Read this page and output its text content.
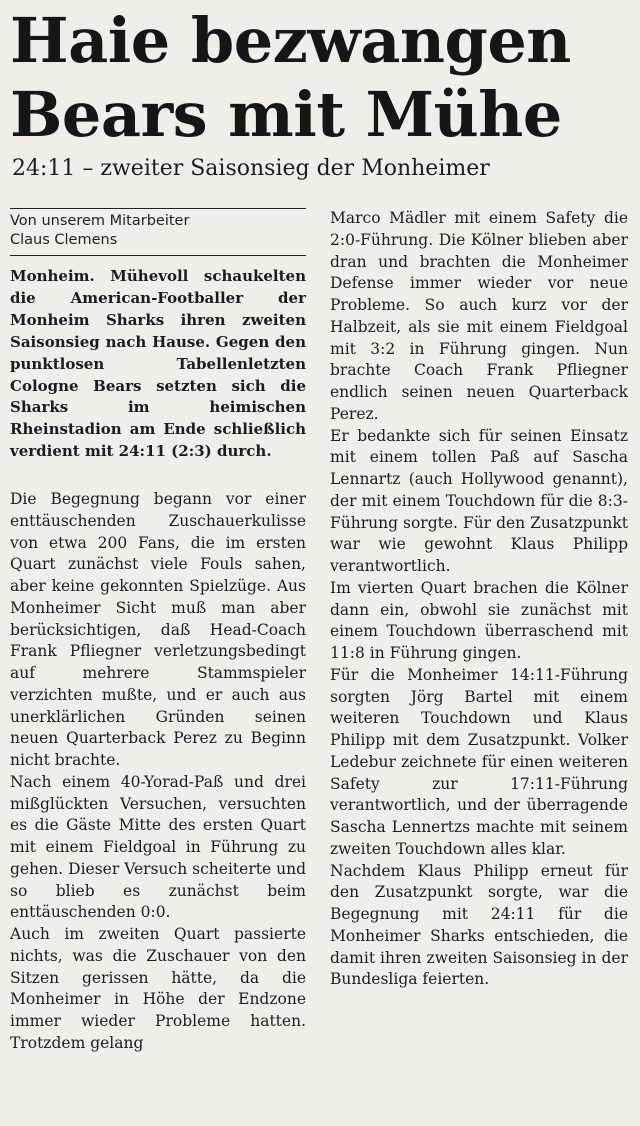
Haie bezwangen
Bears mit Mühe
24:11 – zweiter Saisonsieg der Monheimer
Von unserem Mitarbeiter
Claus Clemens

Monheim. Mühevoll schaukelten die American-Footballer der Monheim Sharks ihren zweiten Saisonsieg nach Hause. Gegen den punktlosen Tabellenletzten Cologne Bears setzten sich die Sharks im heimischen Rheinstadion am Ende schließlich verdient mit 24:11 (2:3) durch.

Die Begegnung begann vor einer enttäuschenden Zuschauerkulisse von etwa 200 Fans, die im ersten Quart zunächst viele Fouls sahen, aber keine gekonnten Spielzüge. Aus Monheimer Sicht muß man aber berücksichtigen, daß Head-Coach Frank Pfliegner verletzungsbedingt auf mehrere Stammspieler verzichten mußte, und er auch aus unerklärlichen Gründen seinen neuen Quarterback Perez zu Beginn nicht brachte.

Nach einem 40-Yorad-Paß und drei mißglückten Versuchen, versuchten es die Gäste Mitte des ersten Quart mit einem Fieldgoal in Führung zu gehen. Dieser Versuch scheiterte und so blieb es zunächst beim enttäuschenden 0:0.

Auch im zweiten Quart passierte nichts, was die Zuschauer von den Sitzen gerissen hätte, da die Monheimer in Höhe der Endzone immer wieder Probleme hatten. Trotzdem gelang

Marco Mädler mit einem Safety die 2:0-Führung. Die Kölner blieben aber dran und brachten die Monheimer Defense immer wieder vor neue Probleme. So auch kurz vor der Halbzeit, als sie mit einem Fieldgoal mit 3:2 in Führung gingen. Nun brachte Coach Frank Pfliegner endlich seinen neuen Quarterback Perez.

Er bedankte sich für seinen Einsatz mit einem tollen Paß auf Sascha Lennartz (auch Hollywood genannt), der mit einem Touchdown für die 8:3-Führung sorgte. Für den Zusatzpunkt war wie gewohnt Klaus Philipp verantwortlich.

Im vierten Quart brachen die Kölner dann ein, obwohl sie zunächst mit einem Touchdown überraschend mit 11:8 in Führung gingen.

Für die Monheimer 14:11-Führung sorgten Jörg Bartel mit einem weiteren Touchdown und Klaus Philipp mit dem Zusatzpunkt. Volker Ledebur zeichnete für einen weiteren Safety zur 17:11-Führung verantwortlich, und der überragende Sascha Lennertzs machte mit seinem zweiten Touchdown alles klar.

Nachdem Klaus Philipp erneut für den Zusatzpunkt sorgte, war die Begegnung mit 24:11 für die Monheimer Sharks entschieden, die damit ihren zweiten Saisonsieg in der Bundesliga feierten.
